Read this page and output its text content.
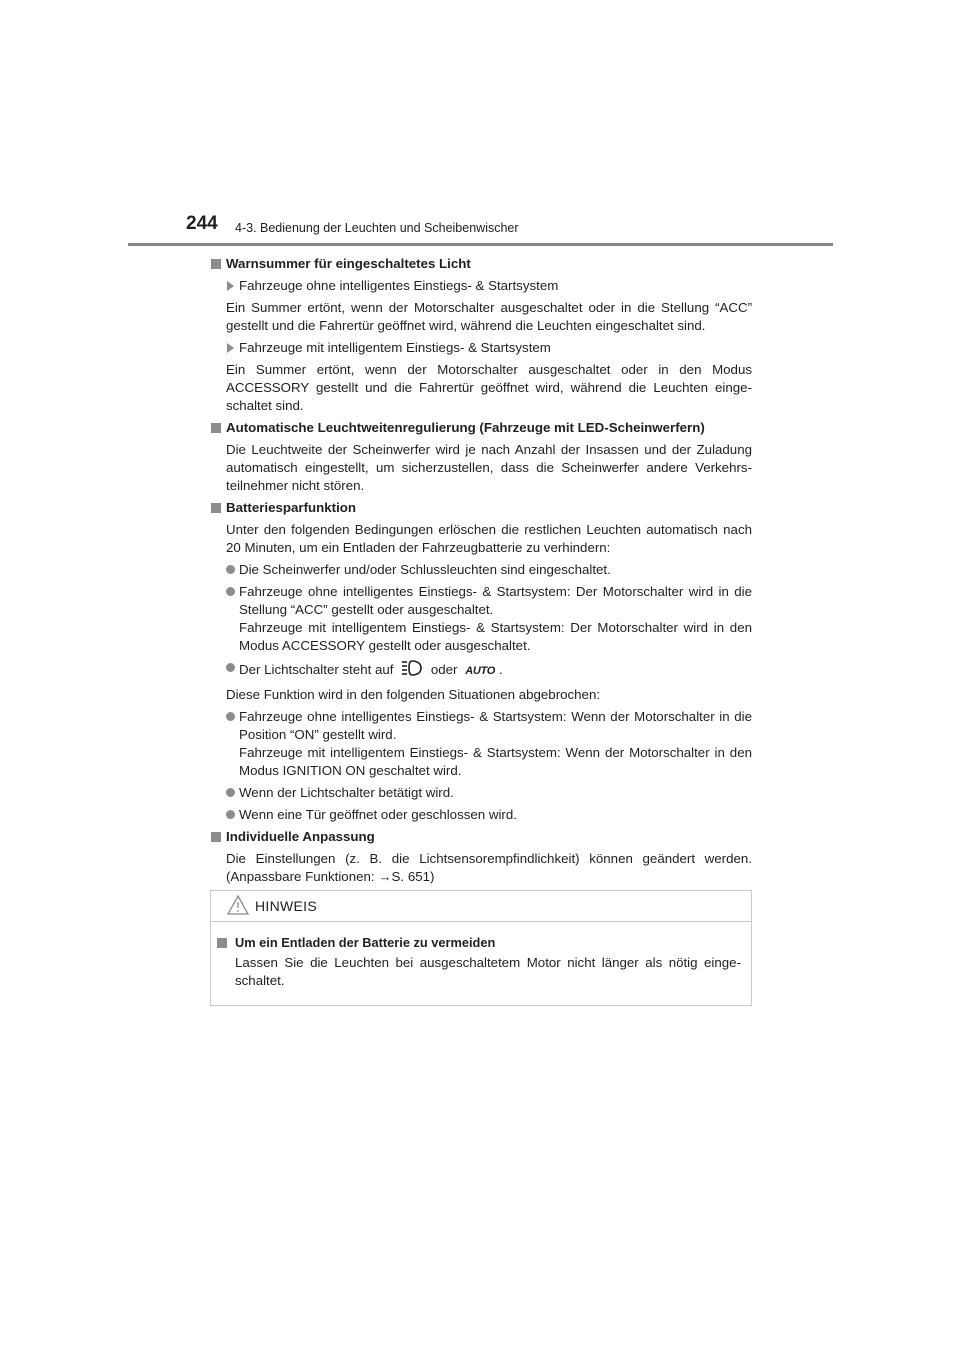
244 4-3. Bedienung der Leuchten und Scheibenwischer
Warnsummer für eingeschaltetes Licht
Fahrzeuge ohne intelligentes Einstiegs- & Startsystem
Ein Summer ertönt, wenn der Motorschalter ausgeschaltet oder in die Stellung “ACC” gestellt und die Fahrertür geöffnet wird, während die Leuchten eingeschaltet sind.
Fahrzeuge mit intelligentem Einstiegs- & Startsystem
Ein Summer ertönt, wenn der Motorschalter ausgeschaltet oder in den Modus ACCESSORY gestellt und die Fahrertür geöffnet wird, während die Leuchten eingeschaltet sind.
Automatische Leuchtweitenregulierung (Fahrzeuge mit LED-Scheinwerfern)
Die Leuchtweite der Scheinwerfer wird je nach Anzahl der Insassen und der Zuladung automatisch eingestellt, um sicherzustellen, dass die Scheinwerfer andere Verkehrsteilnehmer nicht stören.
Batteriesparfunktion
Unter den folgenden Bedingungen erlöschen die restlichen Leuchten automatisch nach 20 Minuten, um ein Entladen der Fahrzeugbatterie zu verhindern:
Die Scheinwerfer und/oder Schlussleuchten sind eingeschaltet.
Fahrzeuge ohne intelligentes Einstiegs- & Startsystem: Der Motorschalter wird in die Stellung “ACC” gestellt oder ausgeschaltet.
Fahrzeuge mit intelligentem Einstiegs- & Startsystem: Der Motorschalter wird in den Modus ACCESSORY gestellt oder ausgeschaltet.
Der Lichtschalter steht auf	oder AUTO .
Diese Funktion wird in den folgenden Situationen abgebrochen:
Fahrzeuge ohne intelligentes Einstiegs- & Startsystem: Wenn der Motorschalter in die Position “ON” gestellt wird.
Fahrzeuge mit intelligentem Einstiegs- & Startsystem: Wenn der Motorschalter in den Modus IGNITION ON geschaltet wird.
Wenn der Lichtschalter betätigt wird.
Wenn eine Tür geöffnet oder geschlossen wird.
Individuelle Anpassung
Die Einstellungen (z. B. die Lichtsensorempfindlichkeit) können geändert werden. (Anpassbare Funktionen: →S. 651)
HINWEIS
Um ein Entladen der Batterie zu vermeiden
Lassen Sie die Leuchten bei ausgeschaltetem Motor nicht länger als nötig eingeschaltet.
